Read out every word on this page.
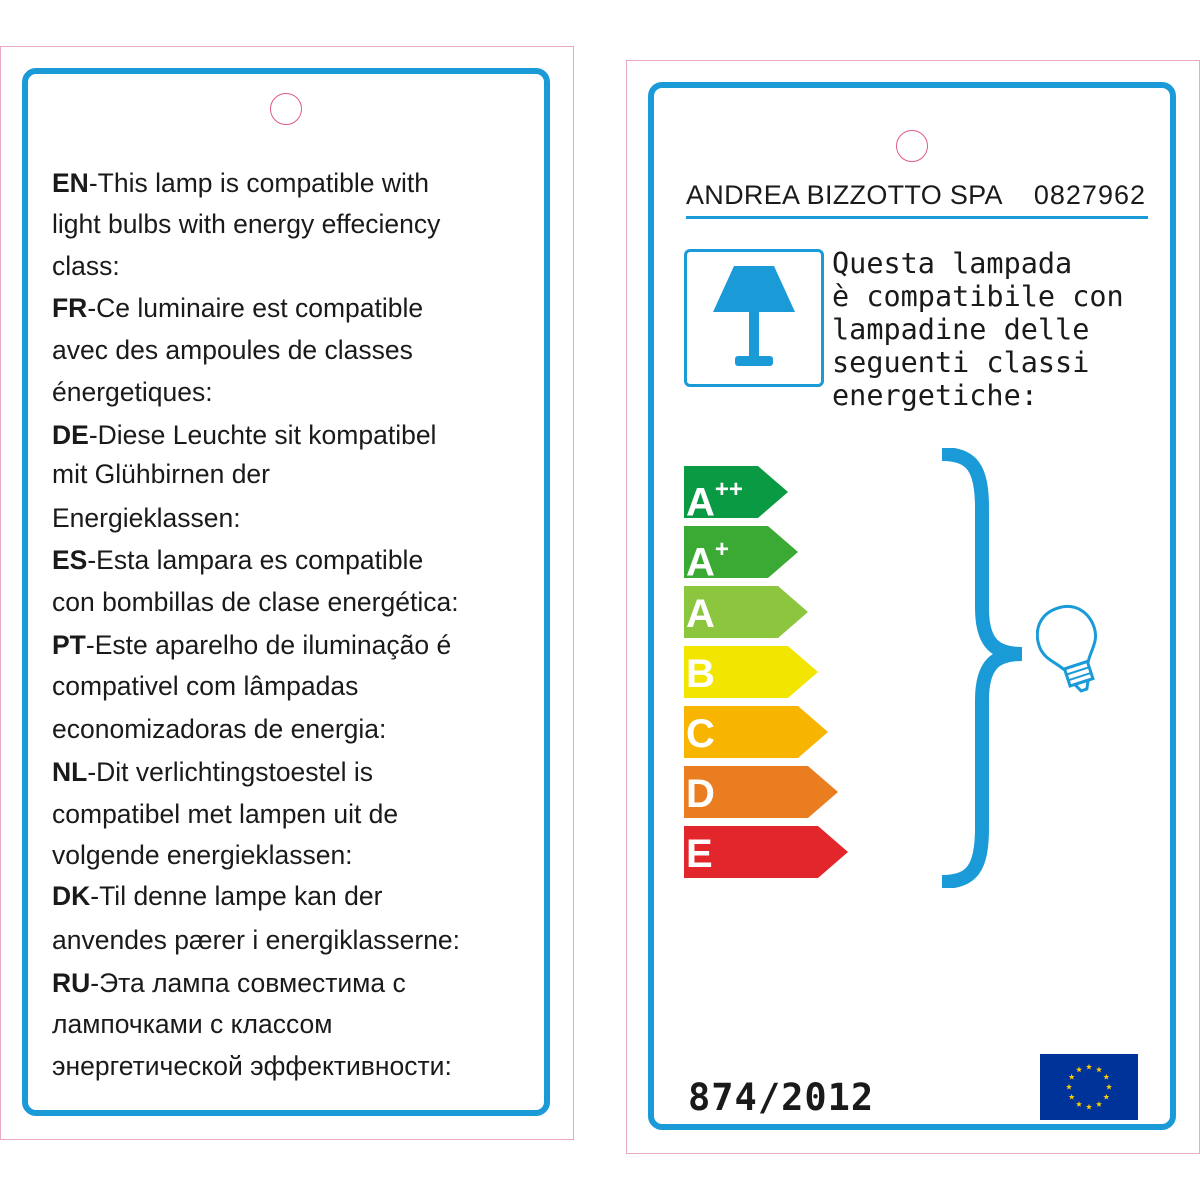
EN-This lamp is compatible with
light bulbs with energy effeciency
class:
FR-Ce luminaire est compatible
avec des ampoules de classes
énergetiques:
DE-Diese Leuchte sit kompatibel
mit Glühbirnen der
Energieklassen:
ES-Esta lampara es compatible
con bombillas de clase energética:
PT-Este aparelho de iluminação é
compativel com lâmpadas
economizadoras de energia:
NL-Dit verlichtingstoestel is
compatibel met lampen uit de
volgende energieklassen:
DK-Til denne lampe kan der
anvendes pærer i energiklasserne:
RU-Эта лампа совместима с
лампочками с классом
энергетической эффективности:
ANDREA BIZZOTTO SPA 0827962
Questa lampada
è compatibile con
lampadine delle
seguenti classi
energetiche:
A++
A+
A
B
C
D
E
874/2012
